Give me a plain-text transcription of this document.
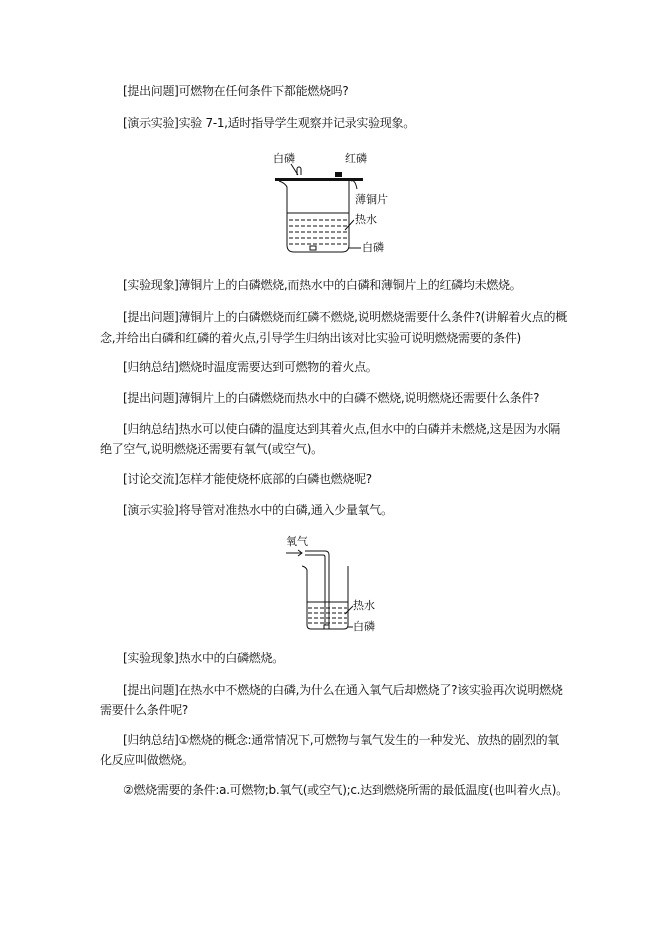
[提出问题]可燃物在任何条件下都能燃烧吗?
[演示实验]实验 7-1,适时指导学生观察并记录实验现象。
白磷	红磷
薄铜片
热水
白磷
[实验现象]薄铜片上的白磷燃烧,而热水中的白磷和薄铜片上的红磷均未燃烧。
[提出问题]薄铜片上的白磷燃烧而红磷不燃烧,说明燃烧需要什么条件?(讲解着火点的概
念,并给出白磷和红磷的着火点,引导学生归纳出该对比实验可说明燃烧需要的条件)
[归纳总结]燃烧时温度需要达到可燃物的着火点。
[提出问题]薄铜片上的白磷燃烧而热水中的白磷不燃烧,说明燃烧还需要什么条件?
[归纳总结]热水可以使白磷的温度达到其着火点,但水中的白磷并未燃烧,这是因为水隔
绝了空气,说明燃烧还需要有氧气(或空气)。
[讨论交流]怎样才能使烧杯底部的白磷也燃烧呢?
[演示实验]将导管对准热水中的白磷,通入少量氧气。
氧气
热水
白磷
[实验现象]热水中的白磷燃烧。
[提出问题]在热水中不燃烧的白磷,为什么在通入氧气后却燃烧了?该实验再次说明燃烧
需要什么条件呢?
[归纳总结]①燃烧的概念:通常情况下,可燃物与氧气发生的一种发光、放热的剧烈的氧
化反应叫做燃烧。
②燃烧需要的条件:a.可燃物;b.氧气(或空气);c.达到燃烧所需的最低温度(也叫着火点)。
